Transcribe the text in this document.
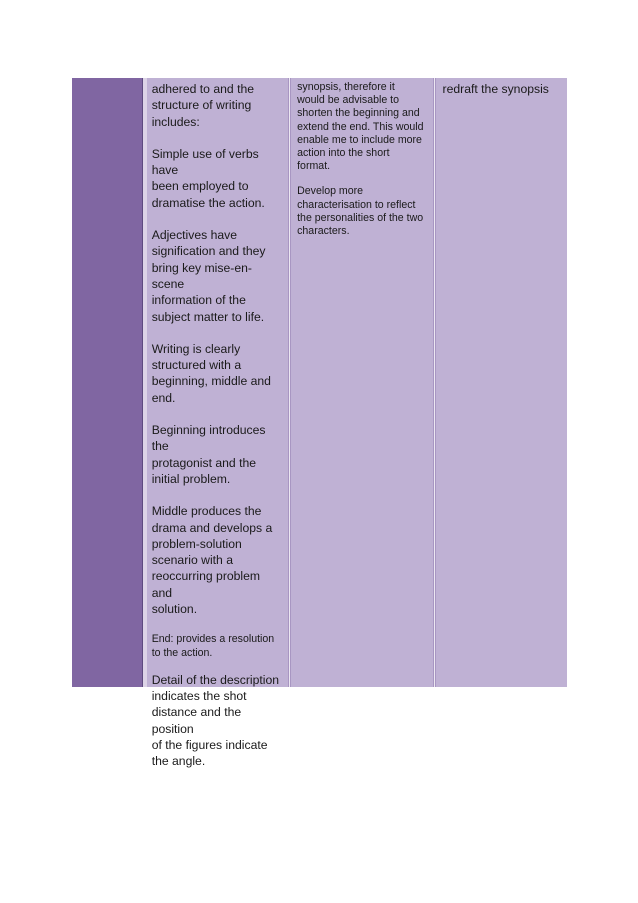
adhered to and the
structure of writing
includes:

Simple use of verbs have
been employed to
dramatise the action.

Adjectives have
signification and they
bring key mise-en-scene
information of the
subject matter to life.

Writing is clearly
structured with a
beginning, middle and
end.

Beginning introduces the
protagonist and the
initial problem.

Middle produces the
drama and develops a
problem-solution
scenario with a
reoccurring problem and
solution.

End: provides a resolution
to the action.

Detail of the description
indicates the shot
distance and the position
of the figures indicate
the angle.

synopsis, therefore it
would be advisable to
shorten the beginning and
extend the end. This would
enable me to include more
action into the short
format.

Develop more
characterisation to reflect
the personalities of the two
characters.

redraft the synopsis
